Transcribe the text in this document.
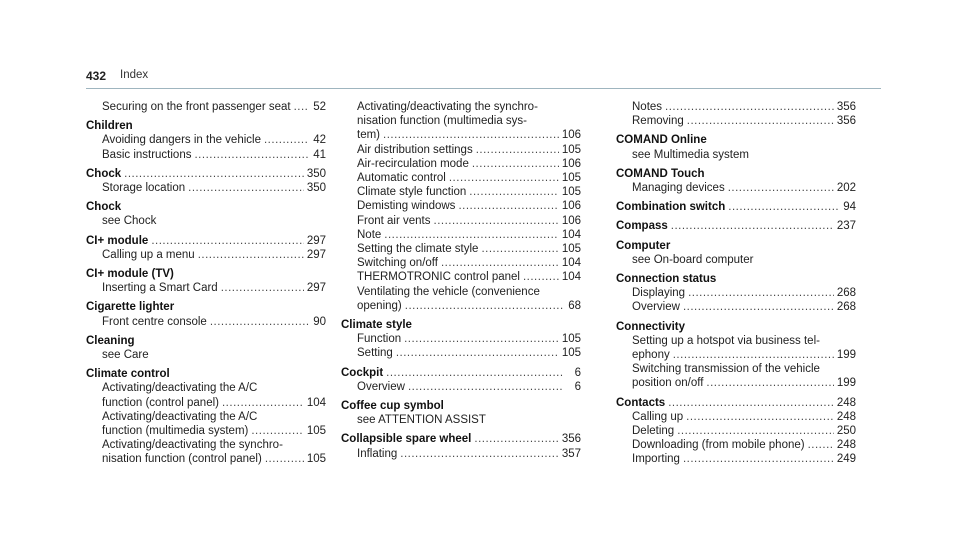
432 Index
Securing on the front passenger seat ..... 52
Children
Avoiding dangers in the vehicle .....	42
Basic instructions .....	41
Chock .....	350
Storage location .....	350
Chock
see Chock
CI+ module .....	297
Calling up a menu .....	297
CI+ module (TV)
Inserting a Smart Card .....	297
Cigarette lighter
Front centre console .....	90
Cleaning
see Care
Climate control
Activating/deactivating the A/C
function (control panel) .....	104
Activating/deactivating the A/C
function (multimedia system) .....	105
Activating/deactivating the synchro-
nisation function (control panel) .....	105
Activating/deactivating the synchro-
nisation function (multimedia sys-
tem) .....	106
Air distribution settings .....	105
Air-recirculation mode .....	106
Automatic control .....	105
Climate style function .....	105
Demisting windows .....	106
Front air vents .....	106
Note .....	104
Setting the climate style .....	105
Switching on/off .....	104
THERMOTRONIC control panel .....	104
Ventilating the vehicle (convenience
opening) .....	68
Climate style
Function .....	105
Setting .....	105
Cockpit .....	6
Overview .....	6
Coffee cup symbol
see ATTENTION ASSIST
Collapsible spare wheel .....	356
Inflating .....	357
Notes .....	356
Removing .....	356
COMAND Online
see Multimedia system
COMAND Touch
Managing devices .....	202
Combination switch .....	94
Compass .....	237
Computer
see On-board computer
Connection status
Displaying .....	268
Overview .....	268
Connectivity
Setting up a hotspot via business tel-
ephony .....	199
Switching transmission of the vehicle
position on/off .....	199
Contacts .....	248
Calling up .....	248
Deleting .....	250
Downloading (from mobile phone) .....	248
Importing .....	249
